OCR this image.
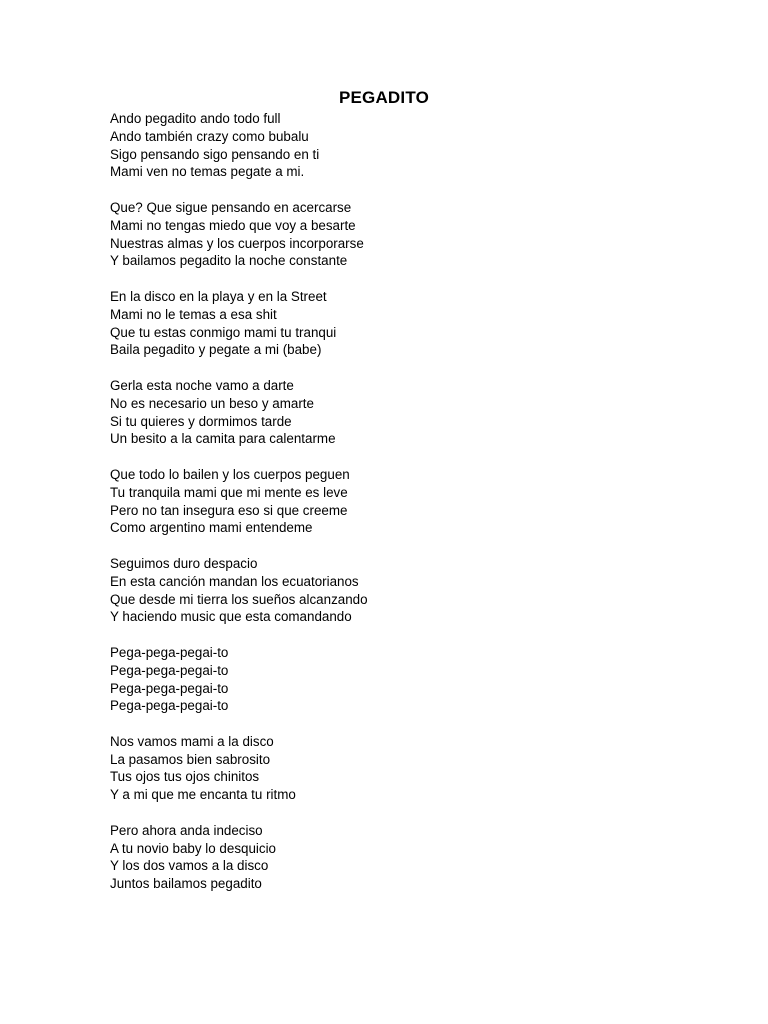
PEGADITO
Ando pegadito ando todo full
Ando también crazy como bubalu
Sigo pensando sigo pensando en ti
Mami ven no temas pegate a mi.
Que? Que sigue pensando en acercarse
Mami no tengas miedo que voy a besarte
Nuestras almas y los cuerpos incorporarse
Y bailamos pegadito la noche constante
En la disco en la playa y en la Street
Mami no le temas a esa shit
Que tu estas conmigo mami tu tranqui
Baila pegadito y pegate a mi (babe)
Gerla esta noche vamo a darte
No es necesario un beso y amarte
Si tu quieres y dormimos tarde
Un besito a la camita para calentarme
Que todo lo bailen y los cuerpos peguen
Tu tranquila mami que mi mente es leve
Pero no tan insegura eso si que creeme
Como argentino mami entendeme
Seguimos duro despacio
En esta canción mandan los ecuatorianos
Que desde mi tierra los sueños alcanzando
Y haciendo music que esta comandando
Pega-pega-pegai-to
Pega-pega-pegai-to
Pega-pega-pegai-to
Pega-pega-pegai-to
Nos vamos mami a la disco
La pasamos bien sabrosito
Tus ojos tus ojos chinitos
Y a mi que me encanta tu ritmo
Pero ahora anda indeciso
A tu novio baby lo desquicio
Y los dos vamos a la disco
Juntos bailamos pegadito
